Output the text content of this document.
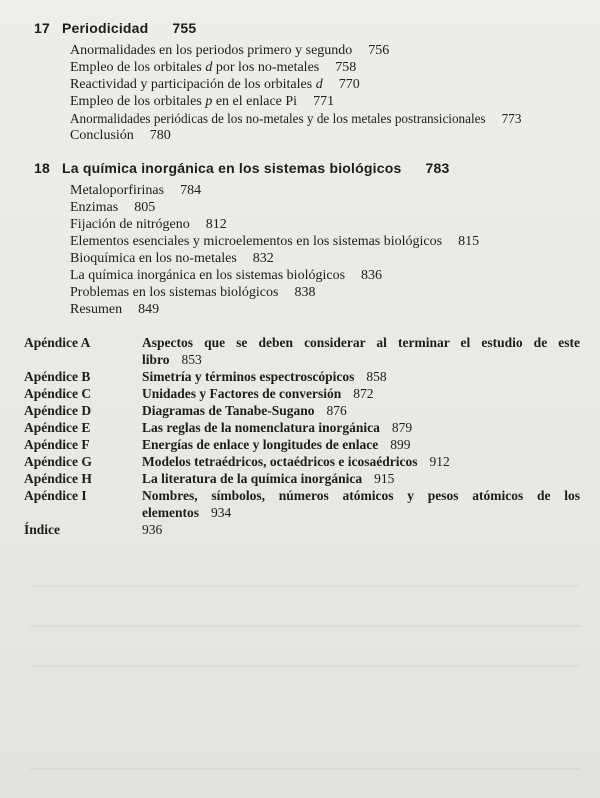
17 Periodicidad 755
Anormalidades en los periodos primero y segundo 756
Empleo de los orbitales d por los no-metales 758
Reactividad y participación de los orbitales d 770
Empleo de los orbitales p en el enlace Pi 771
Anormalidades periódicas de los no-metales y de los metales postransicionales 773
Conclusión 780
18 La química inorgánica en los sistemas biológicos 783
Metaloporfirinas 784
Enzimas 805
Fijación de nitrógeno 812
Elementos esenciales y microelementos en los sistemas biológicos 815
Bioquímica en los no-metales 832
La química inorgánica en los sistemas biológicos 836
Problemas en los sistemas biológicos 838
Resumen 849
Apéndice A	Aspectos que se deben considerar al terminar el estudio de este
libro 853
Apéndice B	Simetría y términos espectroscópicos 858
Apéndice C	Unidades y Factores de conversión 872
Apéndice D	Diagramas de Tanabe-Sugano 876
Apéndice E	Las reglas de la nomenclatura inorgánica 879
Apéndice F	Energías de enlace y longitudes de enlace 899
Apéndice G	Modelos tetraédricos, octaédricos e icosaédricos 912
Apéndice H	La literatura de la química inorgánica 915
Apéndice I	Nombres, símbolos, números atómicos y pesos atómicos de los
elementos 934
Índice	936
